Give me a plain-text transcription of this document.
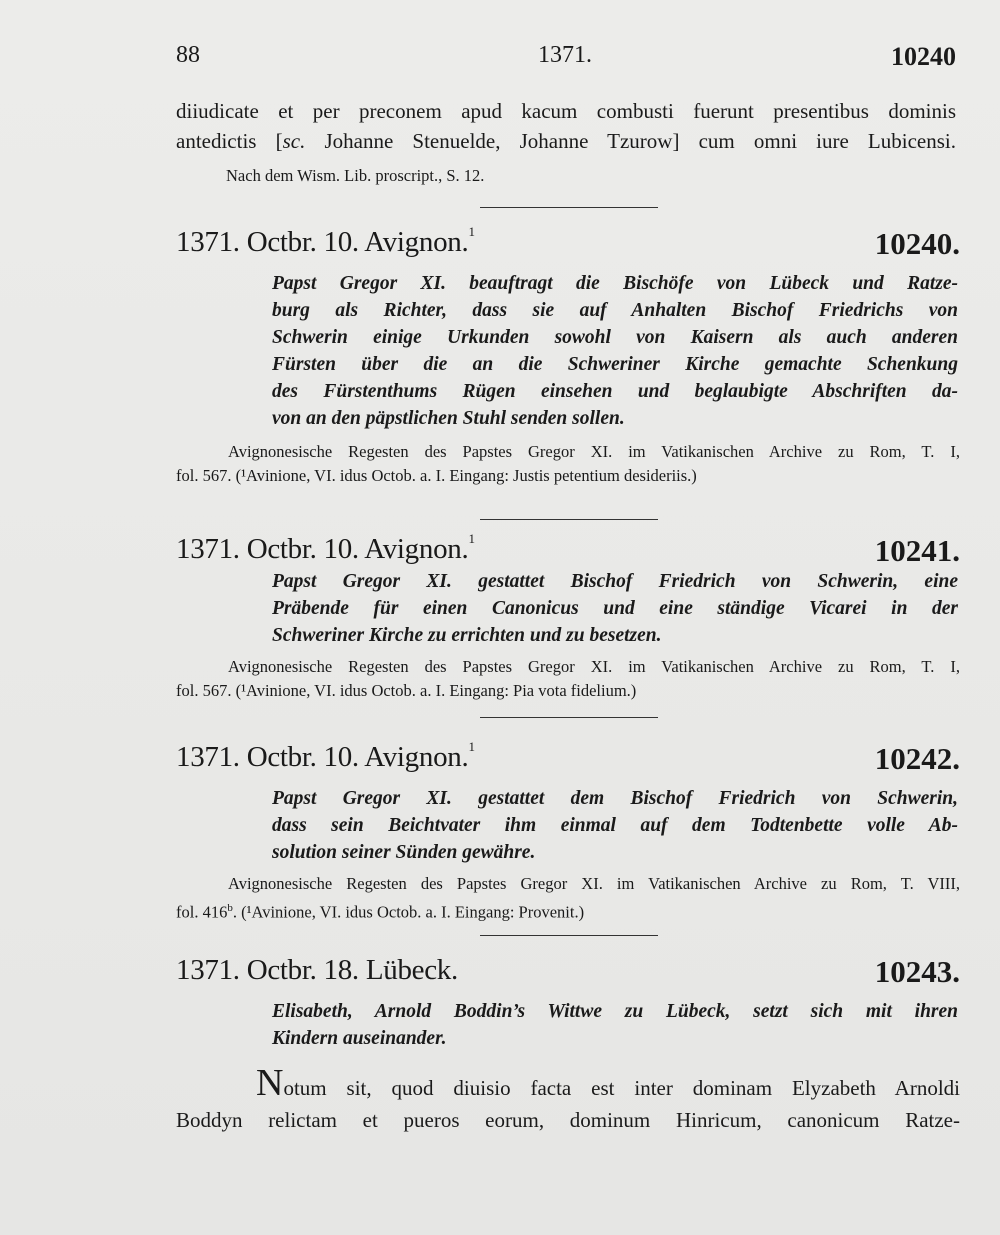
88	1371.	10240
diiudicate et per preconem apud kacum combusti fuerunt presentibus dominis
antedictis [sc. Johanne Stenuelde, Johanne Tzurow] cum omni iure Lubicensi.
Nach dem Wism. Lib. proscript., S. 12.
1371. Octbr. 10. Avignon.$^1$	10240.
Papst Gregor XI. beauftragt die Bischöfe von Lübeck und Ratze-
burg als Richter, dass sie auf Anhalten Bischof Friedrichs von
Schwerin einige Urkunden sowohl von Kaisern als auch anderen
Fürsten über die an die Schweriner Kirche gemachte Schenkung
des Fürstenthums Rügen einsehen und beglaubigte Abschriften da-
von an den päpstlichen Stuhl senden sollen.
Avignonesische Regesten des Papstes Gregor XI. im Vatikanischen Archive zu Rom, T. I,
fol. 567. (¹Avinione, VI. idus Octob. a. I. Eingang: Justis petentium desideriis.)
1371. Octbr. 10. Avignon.$^1$	10241.
Papst Gregor XI. gestattet Bischof Friedrich von Schwerin, eine
Präbende für einen Canonicus und eine ständige Vicarei in der
Schweriner Kirche zu errichten und zu besetzen.
Avignonesische Regesten des Papstes Gregor XI. im Vatikanischen Archive zu Rom, T. I,
fol. 567. (¹Avinione, VI. idus Octob. a. I. Eingang: Pia vota fidelium.)
1371. Octbr. 10. Avignon.$^1$	10242.
Papst Gregor XI. gestattet dem Bischof Friedrich von Schwerin,
dass sein Beichtvater ihm einmal auf dem Todtenbette volle Ab-
solution seiner Sünden gewähre.
Avignonesische Regesten des Papstes Gregor XI. im Vatikanischen Archive zu Rom, T. VIII,
fol. 416$^b$. (¹Avinione, VI. idus Octob. a. I. Eingang: Provenit.)
1371. Octbr. 18. Lübeck.	10243.
Elisabeth, Arnold Boddin’s Wittwe zu Lübeck, setzt sich mit ihren
Kindern auseinander.
Notum sit, quod diuisio facta est inter dominam Elyzabeth Arnoldi
Boddyn relictam et pueros eorum, dominum Hinricum, canonicum Ratze-
